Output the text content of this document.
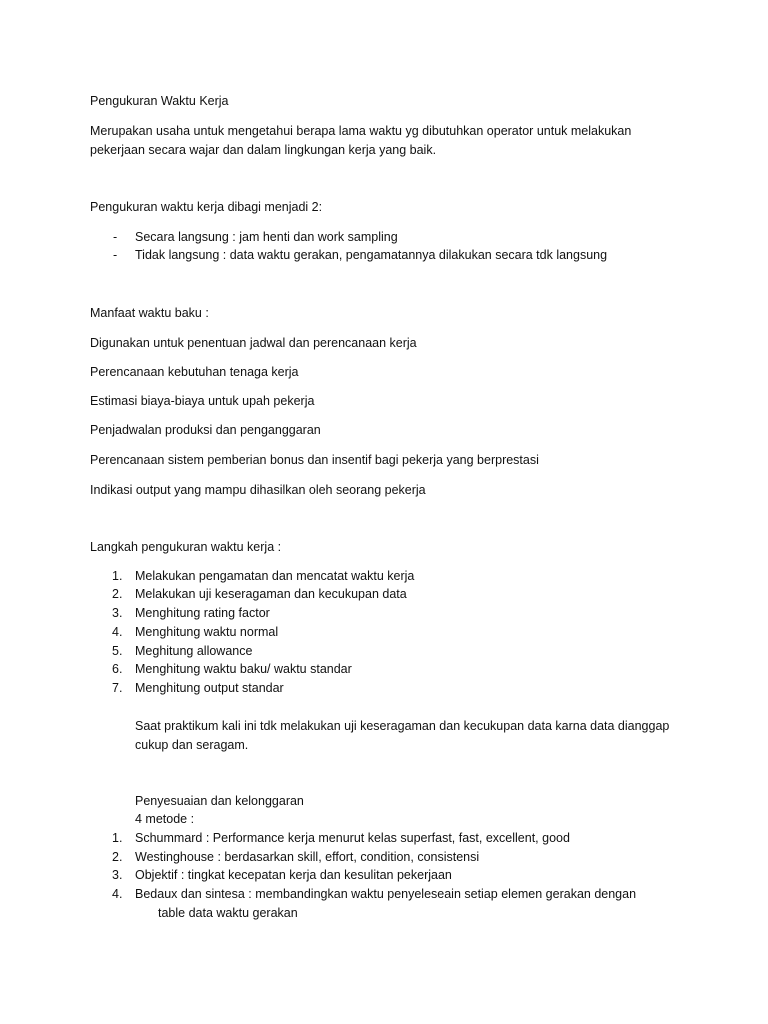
Pengukuran Waktu Kerja
Merupakan usaha untuk mengetahui berapa lama waktu yg dibutuhkan operator untuk melakukan
pekerjaan secara wajar dan dalam lingkungan kerja yang baik.
Pengukuran waktu kerja dibagi menjadi 2:
-	Secara langsung : jam henti dan work sampling
-	Tidak langsung : data waktu gerakan, pengamatannya dilakukan secara tdk langsung
Manfaat waktu baku :
Digunakan untuk penentuan jadwal dan perencanaan kerja
Perencanaan kebutuhan tenaga kerja
Estimasi biaya-biaya untuk upah pekerja
Penjadwalan produksi dan penganggaran
Perencanaan sistem pemberian bonus dan insentif bagi pekerja yang berprestasi
Indikasi output yang mampu dihasilkan oleh seorang pekerja
Langkah pengukuran waktu kerja :
1.	Melakukan pengamatan dan mencatat waktu kerja
2.	Melakukan uji keseragaman dan kecukupan data
3.	Menghitung rating factor
4.	Menghitung waktu normal
5.	Meghitung allowance
6.	Menghitung waktu baku/ waktu standar
7.	Menghitung output standar
Saat praktikum kali ini tdk melakukan uji keseragaman dan kecukupan data karna data dianggap
cukup dan seragam.
Penyesuaian dan kelonggaran
4 metode :
1.	Schummard : Performance kerja menurut kelas superfast, fast, excellent, good
2.	Westinghouse : berdasarkan skill, effort, condition, consistensi
3.	Objektif : tingkat kecepatan kerja dan kesulitan pekerjaan
4.	Bedaux dan sintesa : membandingkan waktu penyeleseain setiap elemen gerakan dengan
table data waktu gerakan
